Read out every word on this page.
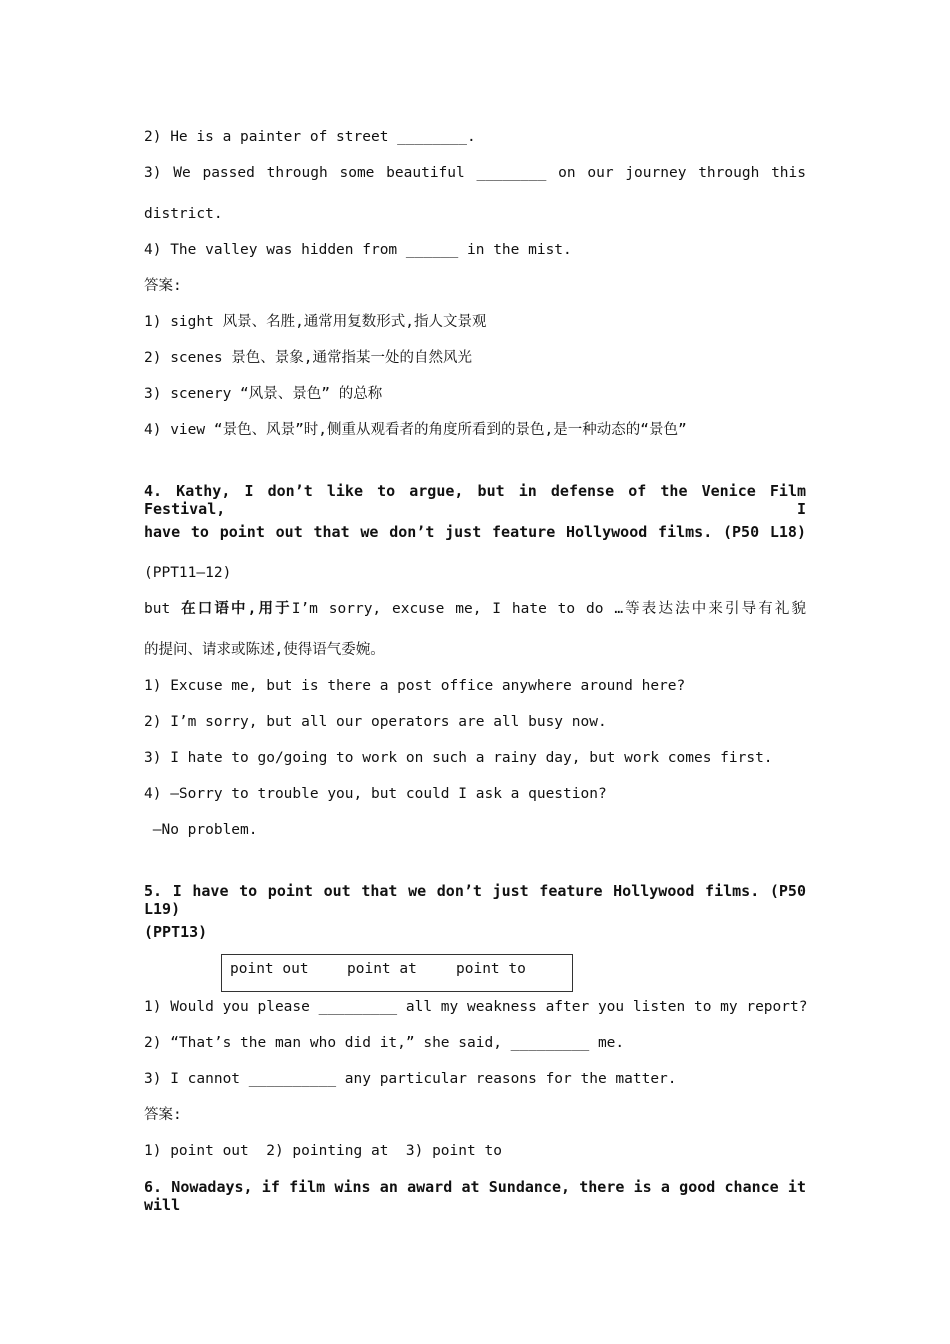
2) He is a painter of street ________.
3) We passed through some beautiful ________ on our journey through this
district.
4) The valley was hidden from ______ in the mist.
答案:
1) sight 风景、名胜,通常用复数形式,指人文景观
2) scenes 景色、景象,通常指某一处的自然风光
3) scenery “风景、景色” 的总称
4) view “景色、风景”时,侧重从观看者的角度所看到的景色,是一种动态的“景色”
4. Kathy, I don’t like to argue, but in defense of the Venice Film Festival, I
have to point out that we don’t just feature Hollywood films. (P50 L18)
(PPT11—12)
but 在口语中,用于I’m sorry, excuse me, I hate to do …等表达法中来引导有礼貌
的提问、请求或陈述,使得语气委婉。
1) Excuse me, but is there a post office anywhere around here?
2) I’m sorry, but all our operators are all busy now.
3) I hate to go/going to work on such a rainy day, but work comes first.
4) —Sorry to trouble you, but could I ask a question?
—No problem.
5. I have to point out that we don’t just feature Hollywood films. (P50 L19)
(PPT13)
point out	point at	point to
1) Would you please _________ all my weakness after you listen to my report?
2) “That’s the man who did it,” she said, _________ me.
3) I cannot __________ any particular reasons for the matter.
答案:
1) point out  2) pointing at  3) point to
6. Nowadays, if film wins an award at Sundance, there is a good chance it will
